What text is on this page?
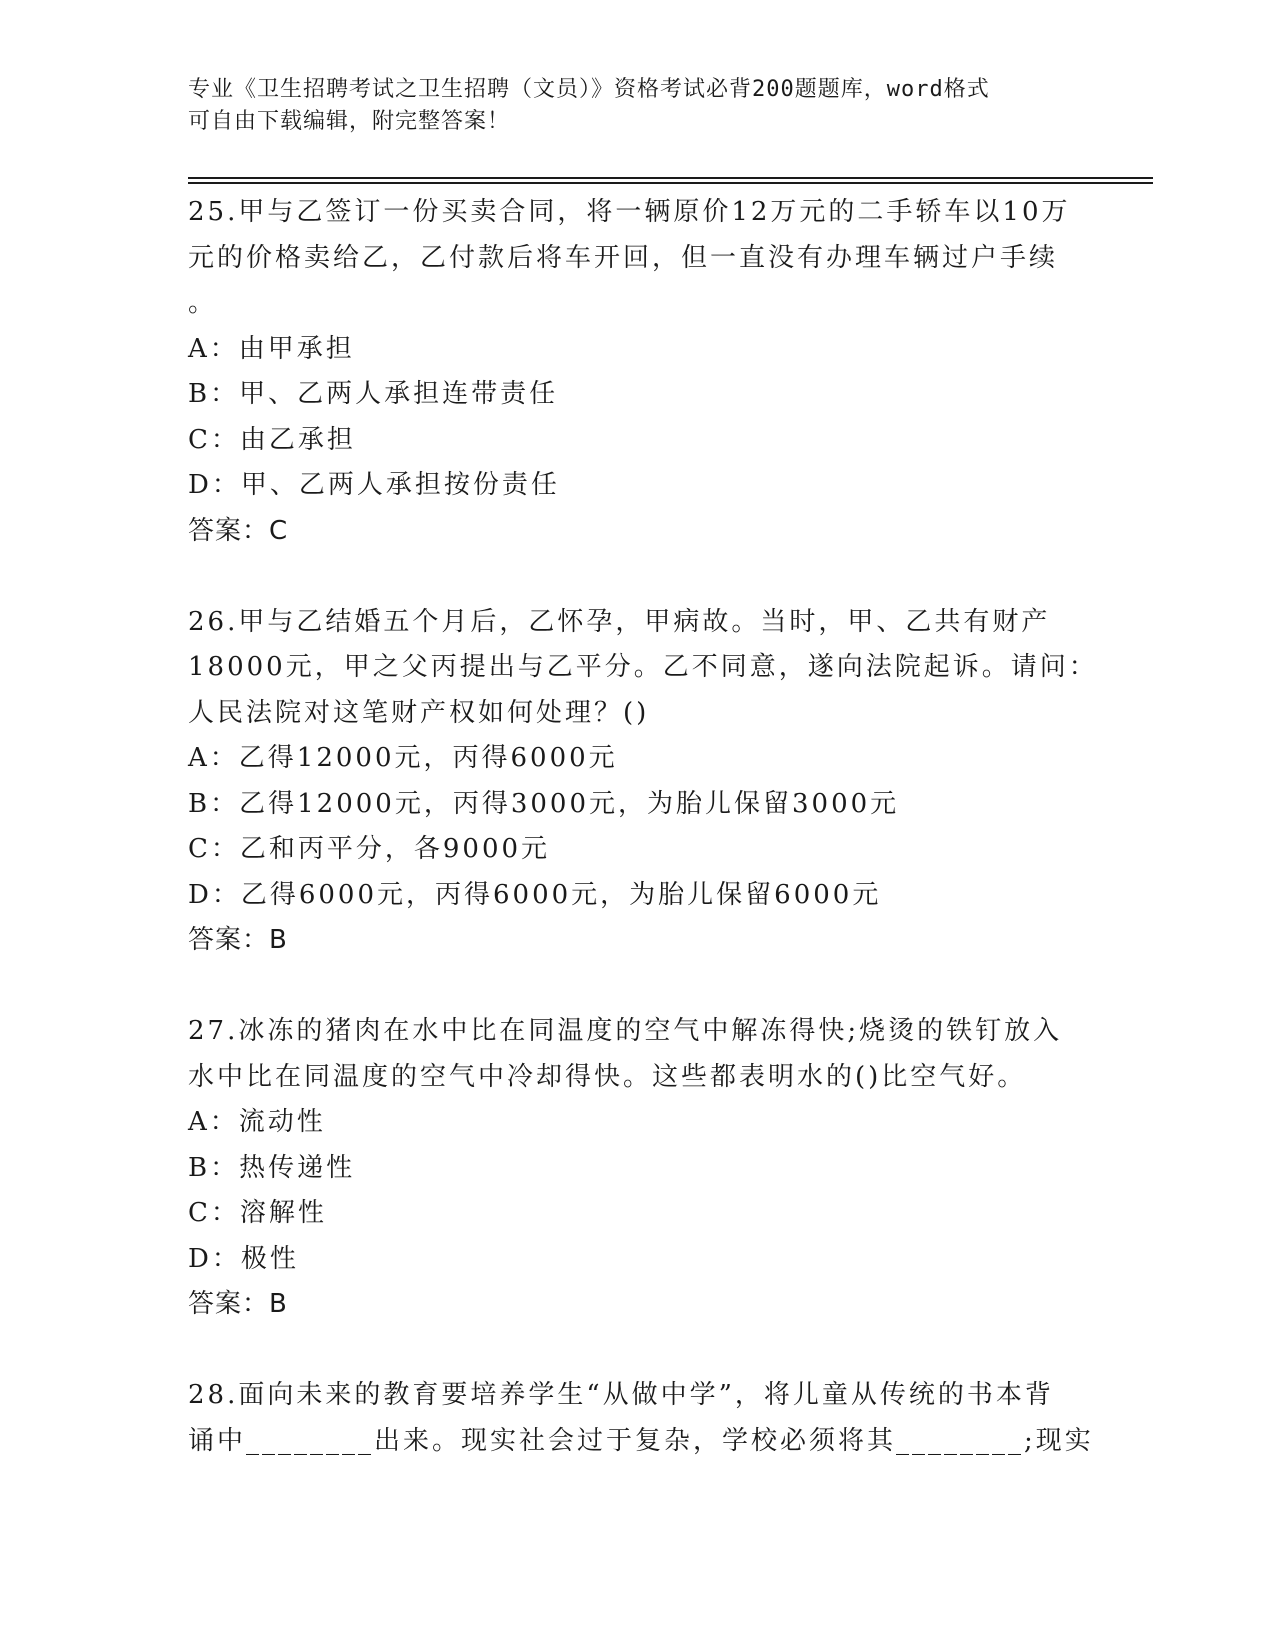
专业《卫生招聘考试之卫生招聘（文员）》资格考试必背200题题库，word格式
可自由下载编辑，附完整答案！
25.甲与乙签订一份买卖合同，将一辆原价12万元的二手轿车以10万
元的价格卖给乙，乙付款后将车开回，但一直没有办理车辆过户手续
。
A：由甲承担
B：甲、乙两人承担连带责任
C：由乙承担
D：甲、乙两人承担按份责任
答案：C
26.甲与乙结婚五个月后，乙怀孕，甲病故。当时，甲、乙共有财产
18000元，甲之父丙提出与乙平分。乙不同意，遂向法院起诉。请问：
人民法院对这笔财产权如何处理？()
A：乙得12000元，丙得6000元
B：乙得12000元，丙得3000元，为胎儿保留3000元
C：乙和丙平分，各9000元
D：乙得6000元，丙得6000元，为胎儿保留6000元
答案：B
27.冰冻的猪肉在水中比在同温度的空气中解冻得快;烧烫的铁钉放入
水中比在同温度的空气中冷却得快。这些都表明水的()比空气好。
A：流动性
B：热传递性
C：溶解性
D：极性
答案：B
28.面向未来的教育要培养学生“从做中学”，将儿童从传统的书本背
诵中________出来。现实社会过于复杂，学校必须将其________;现实
